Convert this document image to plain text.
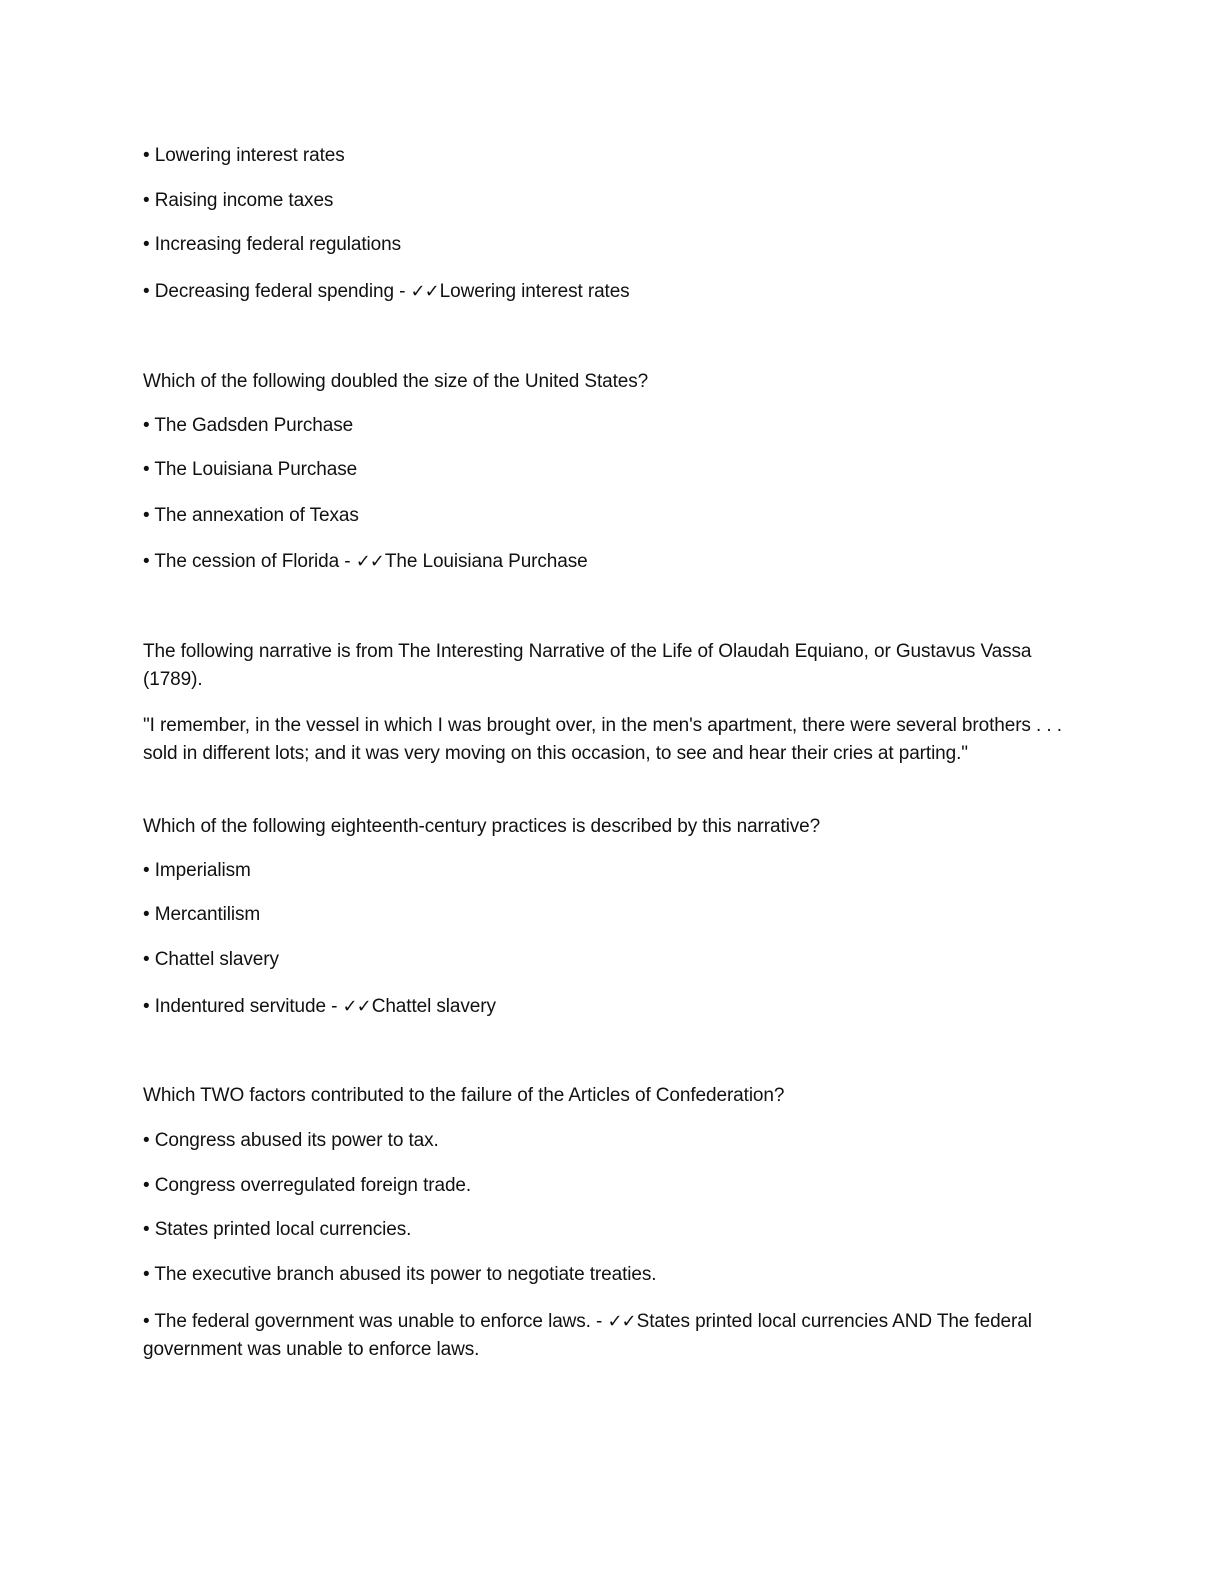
• Lowering interest rates
• Raising income taxes
• Increasing federal regulations
• Decreasing federal spending - ✓✓Lowering interest rates
Which of the following doubled the size of the United States?
• The Gadsden Purchase
• The Louisiana Purchase
• The annexation of Texas
• The cession of Florida - ✓✓The Louisiana Purchase
The following narrative is from The Interesting Narrative of the Life of Olaudah Equiano, or Gustavus Vassa (1789).
"I remember, in the vessel in which I was brought over, in the men's apartment, there were several brothers . . . sold in different lots; and it was very moving on this occasion, to see and hear their cries at parting."
Which of the following eighteenth-century practices is described by this narrative?
• Imperialism
• Mercantilism
• Chattel slavery
• Indentured servitude - ✓✓Chattel slavery
Which TWO factors contributed to the failure of the Articles of Confederation?
• Congress abused its power to tax.
• Congress overregulated foreign trade.
• States printed local currencies.
• The executive branch abused its power to negotiate treaties.
• The federal government was unable to enforce laws. - ✓✓States printed local currencies AND The federal government was unable to enforce laws.
